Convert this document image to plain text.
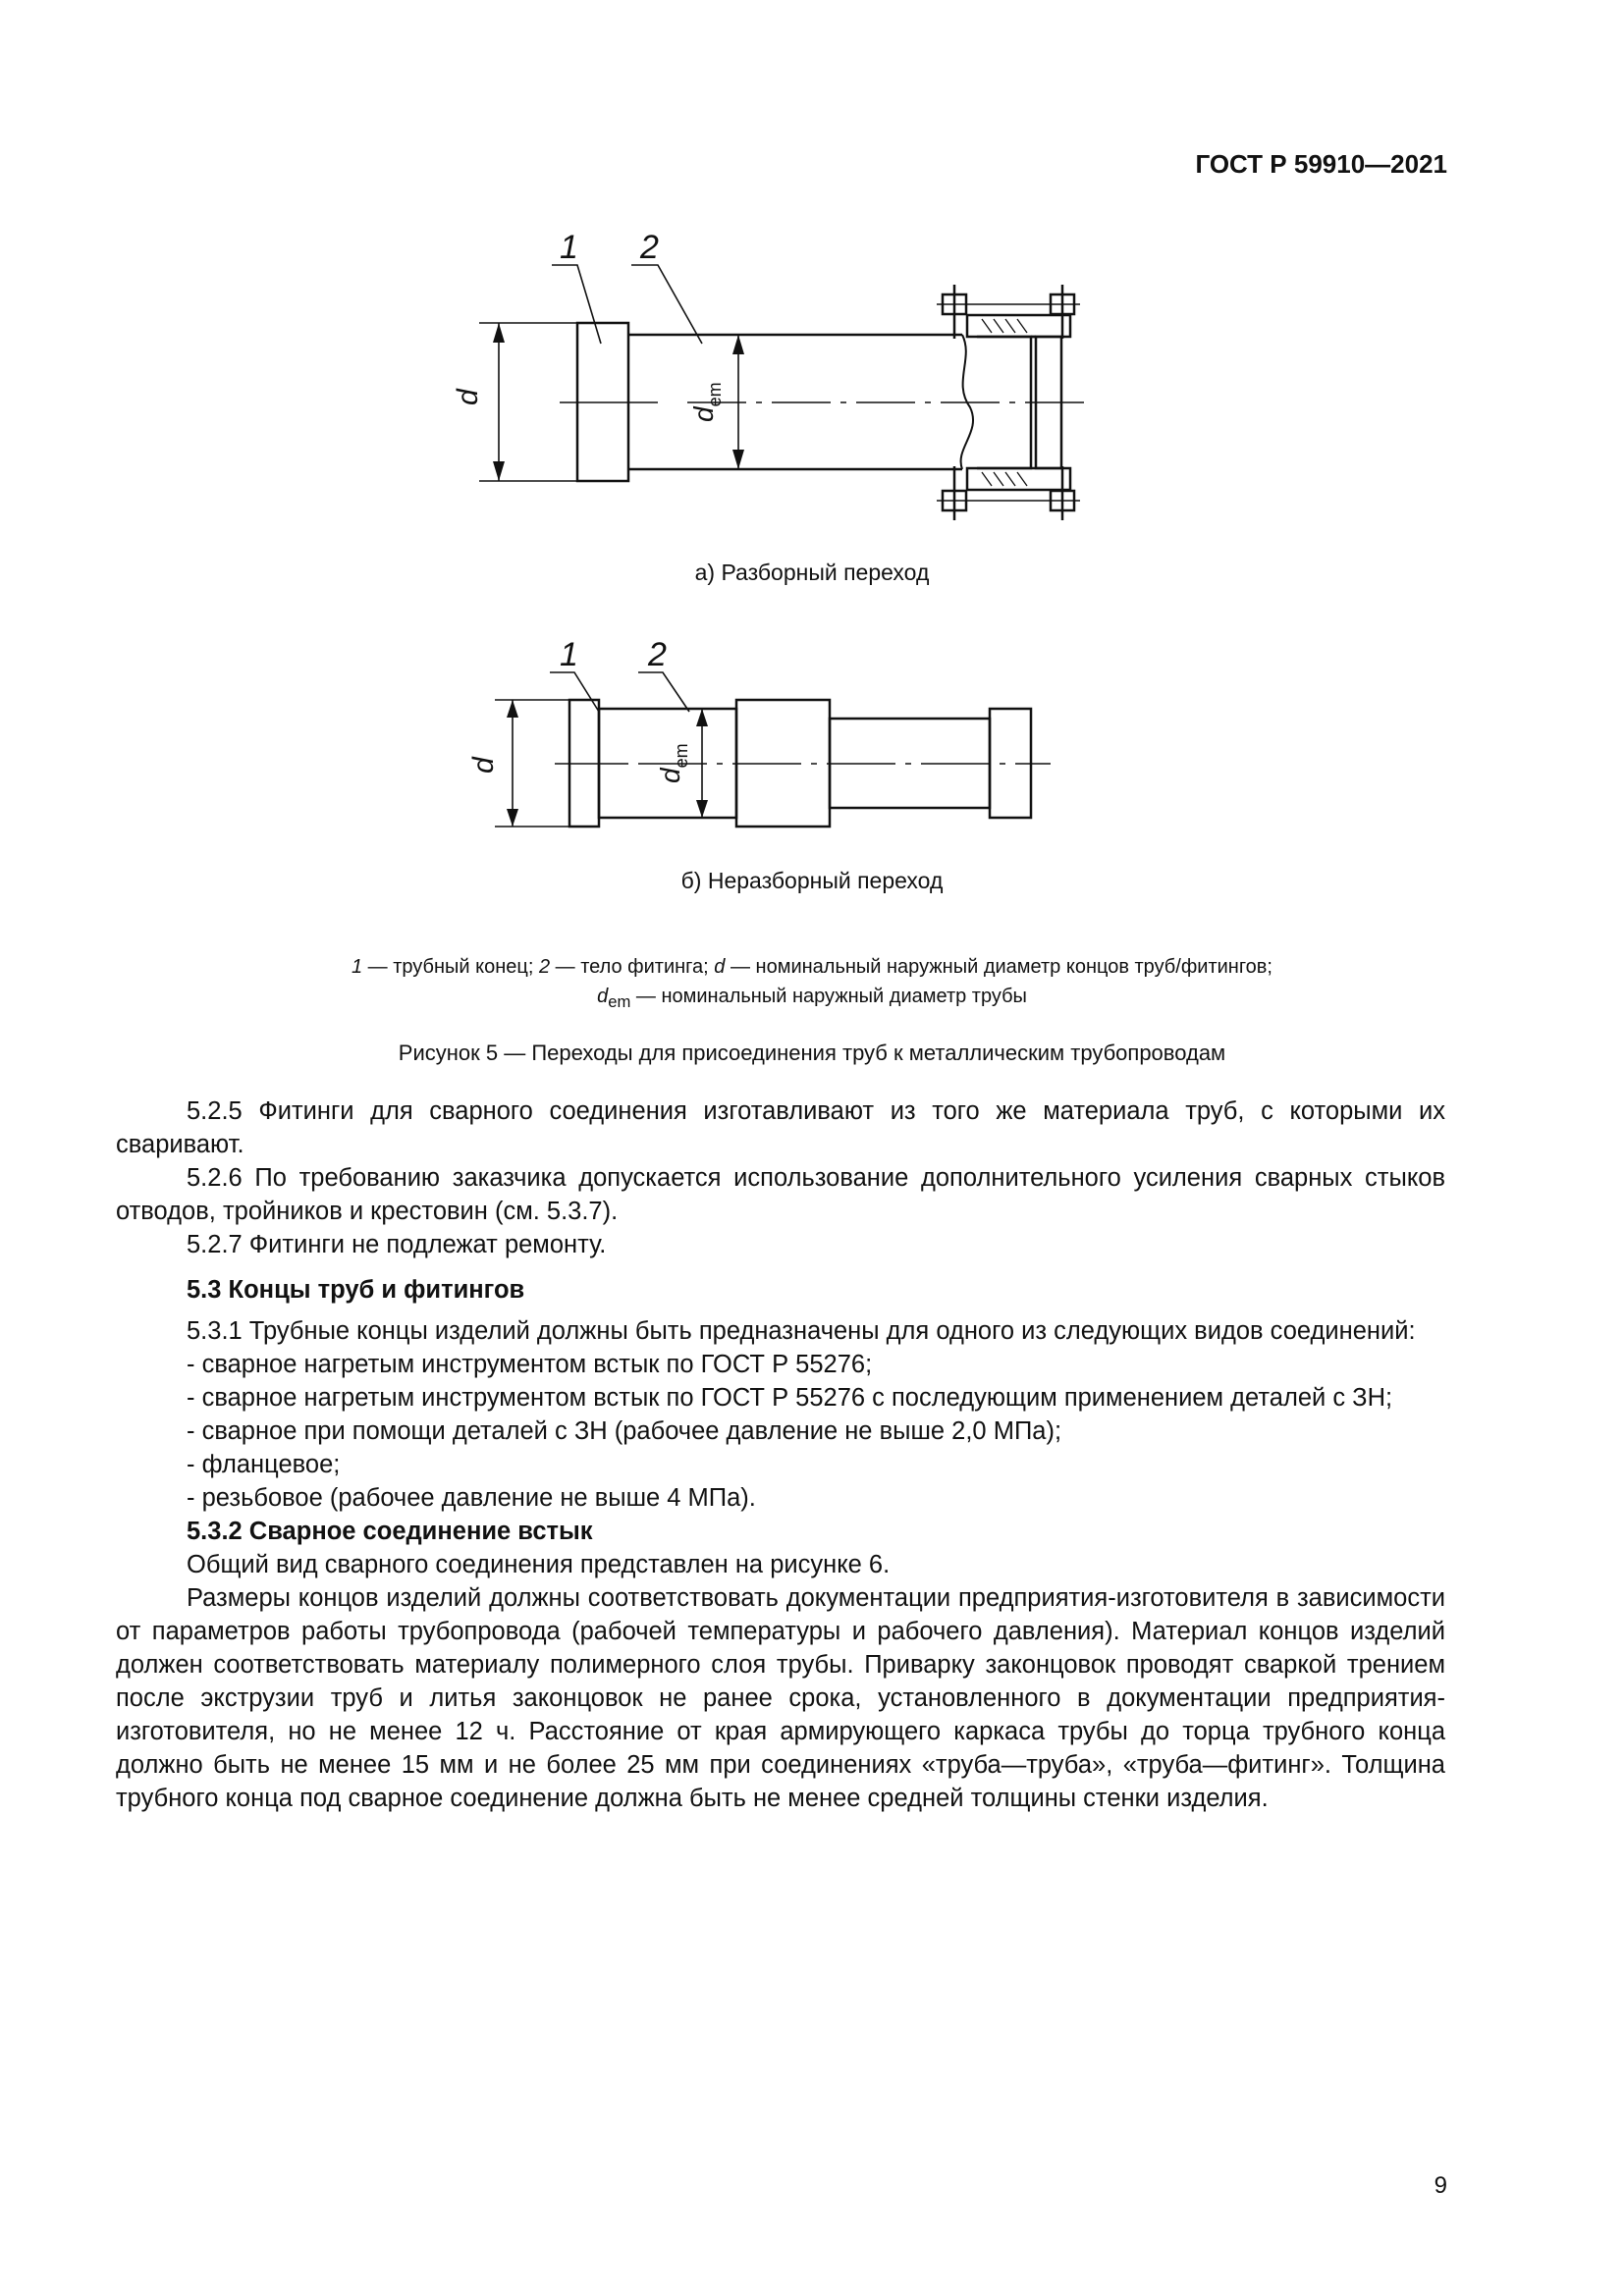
ГОСТ Р 59910—2021
1 2
d
$d_{em}$
а) Разборный переход
1 2
d
$d_{em}$
б) Неразборный переход
1 — трубный конец; 2 — тело фитинга; d — номинальный наружный диаметр концов труб/фитингов;
$d_{em}$ — номинальный наружный диаметр трубы
Рисунок 5 — Переходы для присоединения труб к металлическим трубопроводам

5.2.5 Фитинги для сварного соединения изготавливают из того же материала труб, с которыми их сваривают.

5.2.6 По требованию заказчика допускается использование дополнительного усиления сварных стыков отводов, тройников и крестовин (см. 5.3.7).

5.2.7 Фитинги не подлежат ремонту.

5.3 Концы труб и фитингов

5.3.1 Трубные концы изделий должны быть предназначены для одного из следующих видов соединений:

- сварное нагретым инструментом встык по ГОСТ Р 55276;

- сварное нагретым инструментом встык по ГОСТ Р 55276 с последующим применением деталей с ЗН;

- сварное при помощи деталей с ЗН (рабочее давление не выше 2,0 МПа);

- фланцевое;

- резьбовое (рабочее давление не выше 4 МПа).

5.3.2 Сварное соединение встык

Общий вид сварного соединения представлен на рисунке 6.

Размеры концов изделий должны соответствовать документации предприятия-изготовителя в зависимости от параметров работы трубопровода (рабочей температуры и рабочего давления). Материал концов изделий должен соответствовать материалу полимерного слоя трубы. Приварку законцовок проводят сваркой трением после экструзии труб и литья законцовок не ранее срока, установленного в документации предприятия-изготовителя, но не менее 12 ч. Расстояние от края армирующего каркаса трубы до торца трубного конца должно быть не менее 15 мм и не более 25 мм при соединениях «труба—труба», «труба—фитинг». Толщина трубного конца под сварное соединение должна быть не менее средней толщины стенки изделия.

9
